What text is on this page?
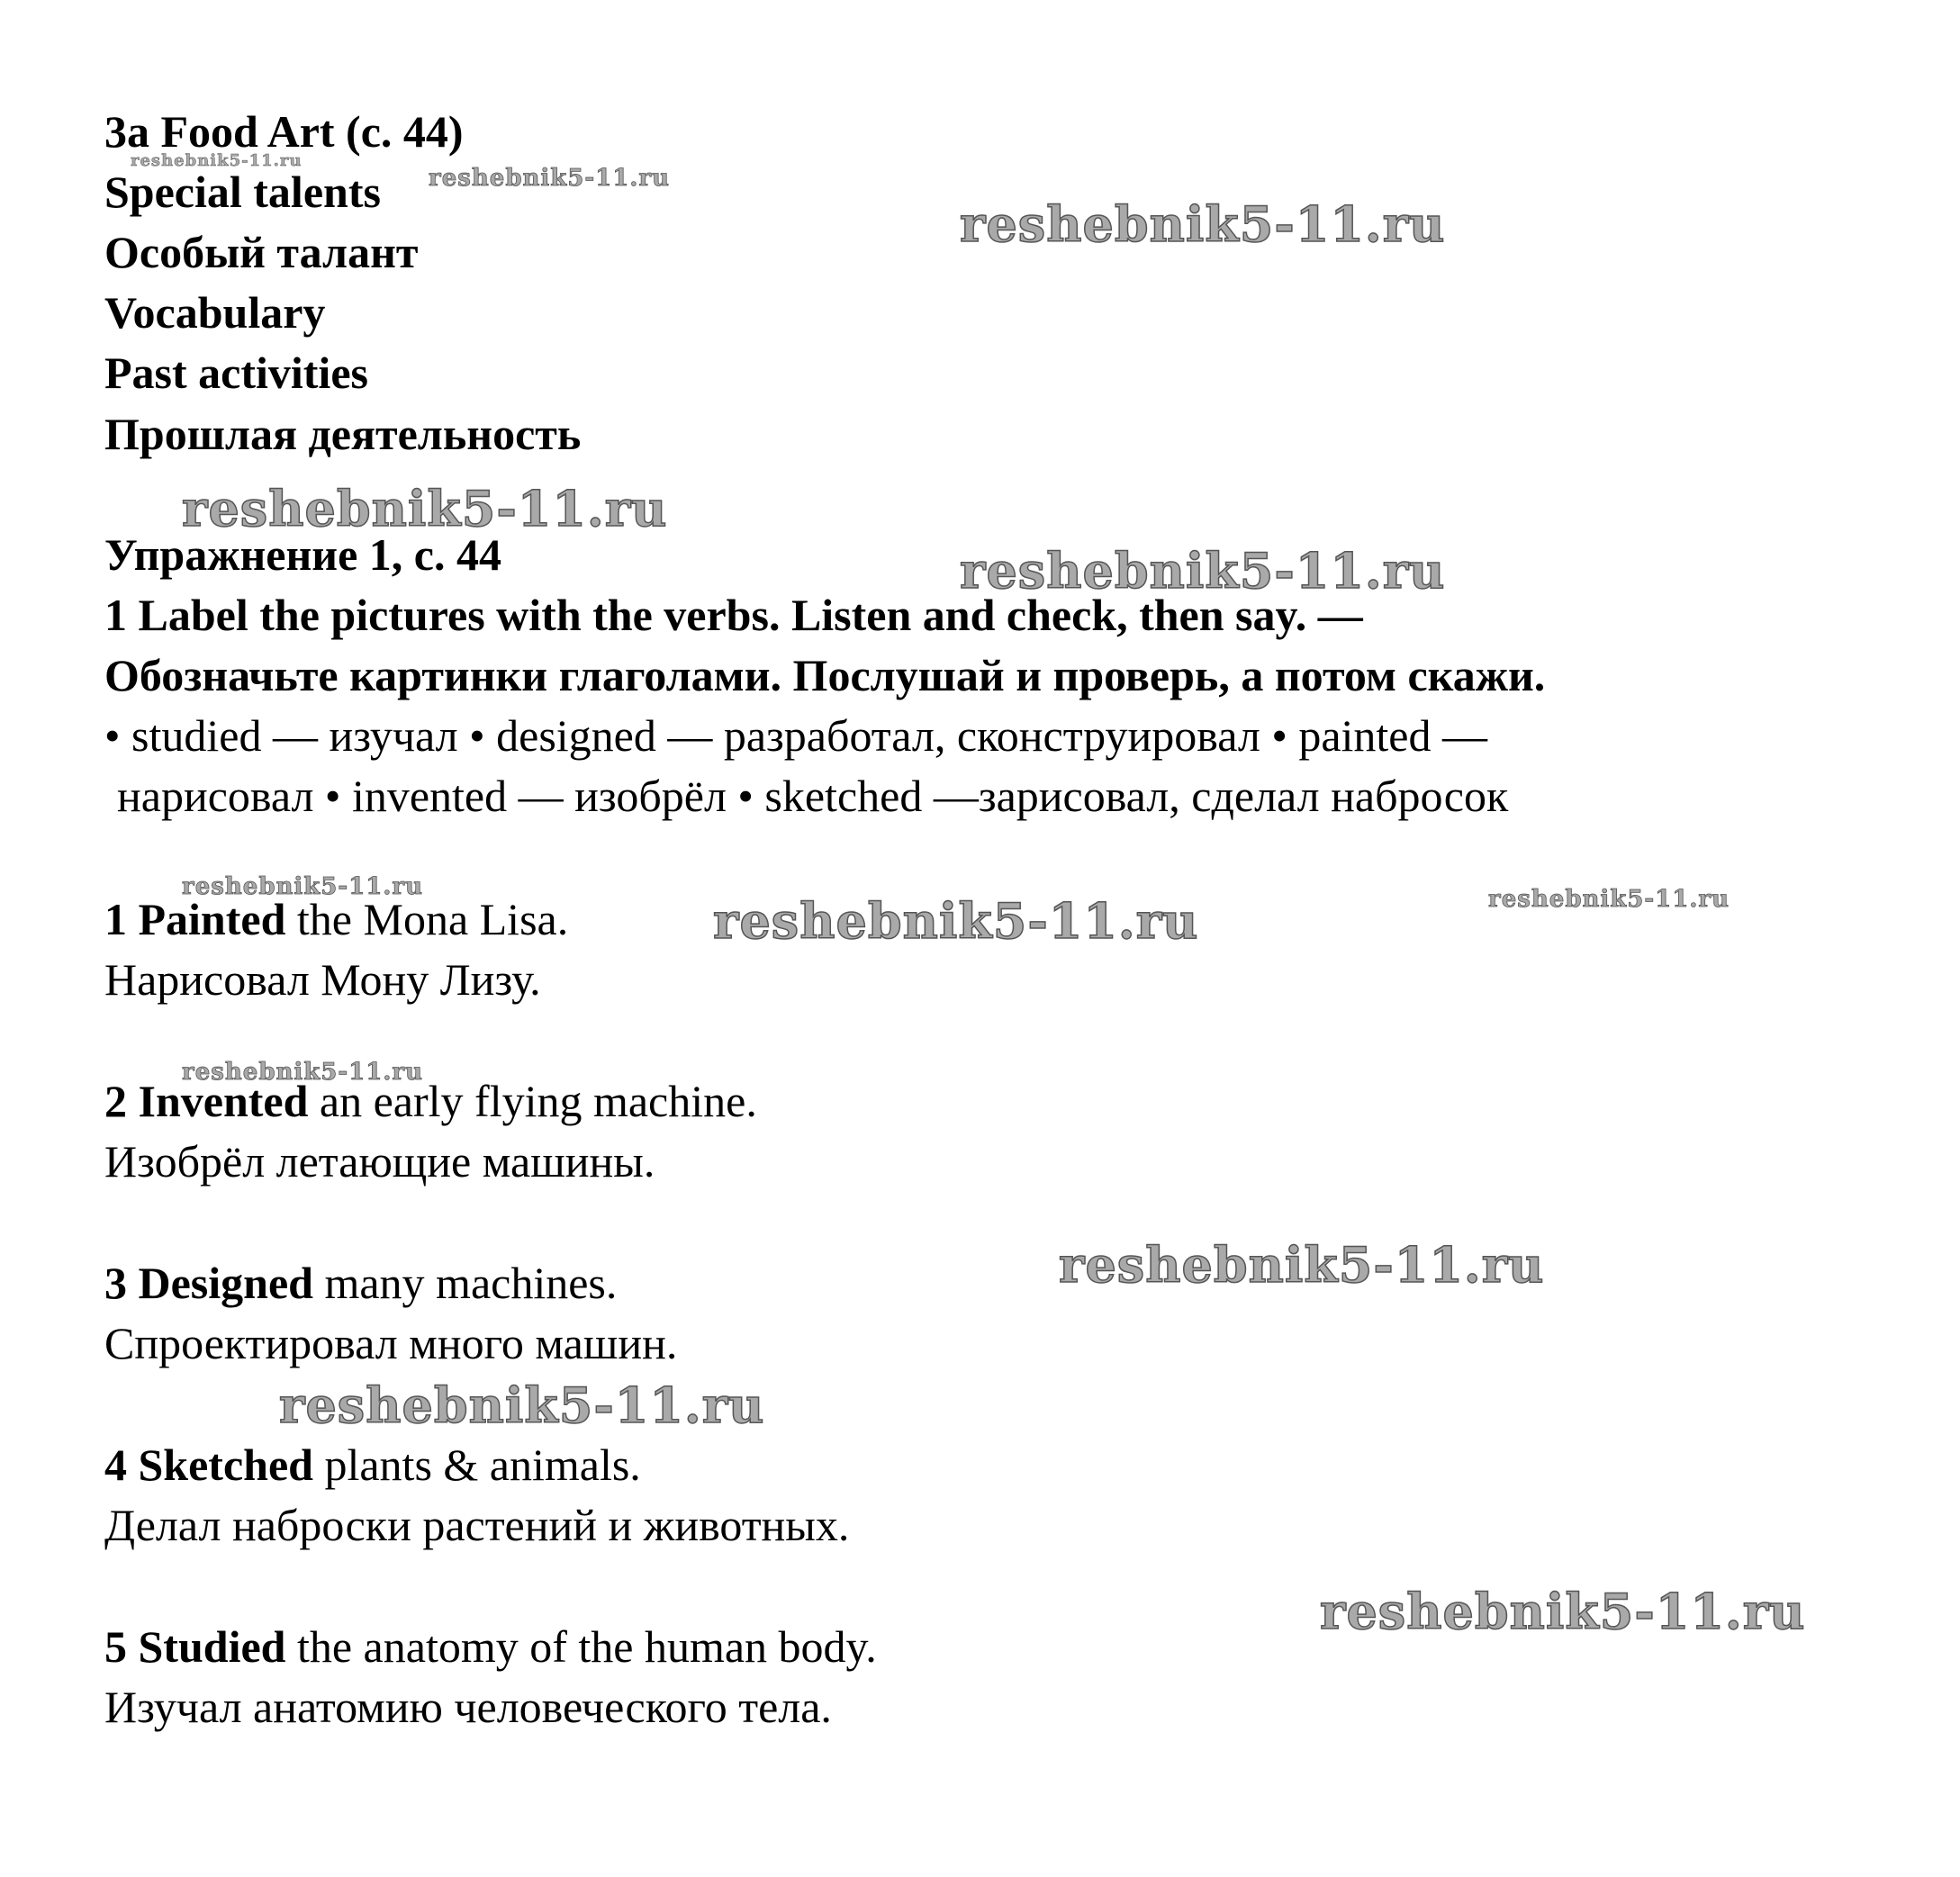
3a Food Art (с. 44)
Special talents
Особый талант
Vocabulary
Past activities
Прошлая деятельность
Упражнение 1, с. 44
1 Label the pictures with the verbs. Listen and check, then say. —
Обозначьте картинки глаголами. Послушай и проверь, а потом скажи.
• studied — изучал • designed — разработал, сконструировал • painted —
нарисовал • invented — изобрёл • sketched —зарисовал, сделал набросок
1 Painted the Mona Lisa.
Нарисовал Мону Лизу.
2 Invented an early flying machine.
Изобрёл летающие машины.
3 Designed many machines.
Спроектировал много машин.
4 Sketched plants & animals.
Делал наброски растений и животных.
5 Studied the anatomy of the human body.
Изучал анатомию человеческого тела.
reshebnik5-11.ru
reshebnik5-11.ru
reshebnik5-11.ru
reshebnik5-11.ru
reshebnik5-11.ru
reshebnik5-11.ru
reshebnik5-11.ru	reshebnik5-11.ru
reshebnik5-11.ru
reshebnik5-11.ru
reshebnik5-11.ru
reshebnik5-11.ru
